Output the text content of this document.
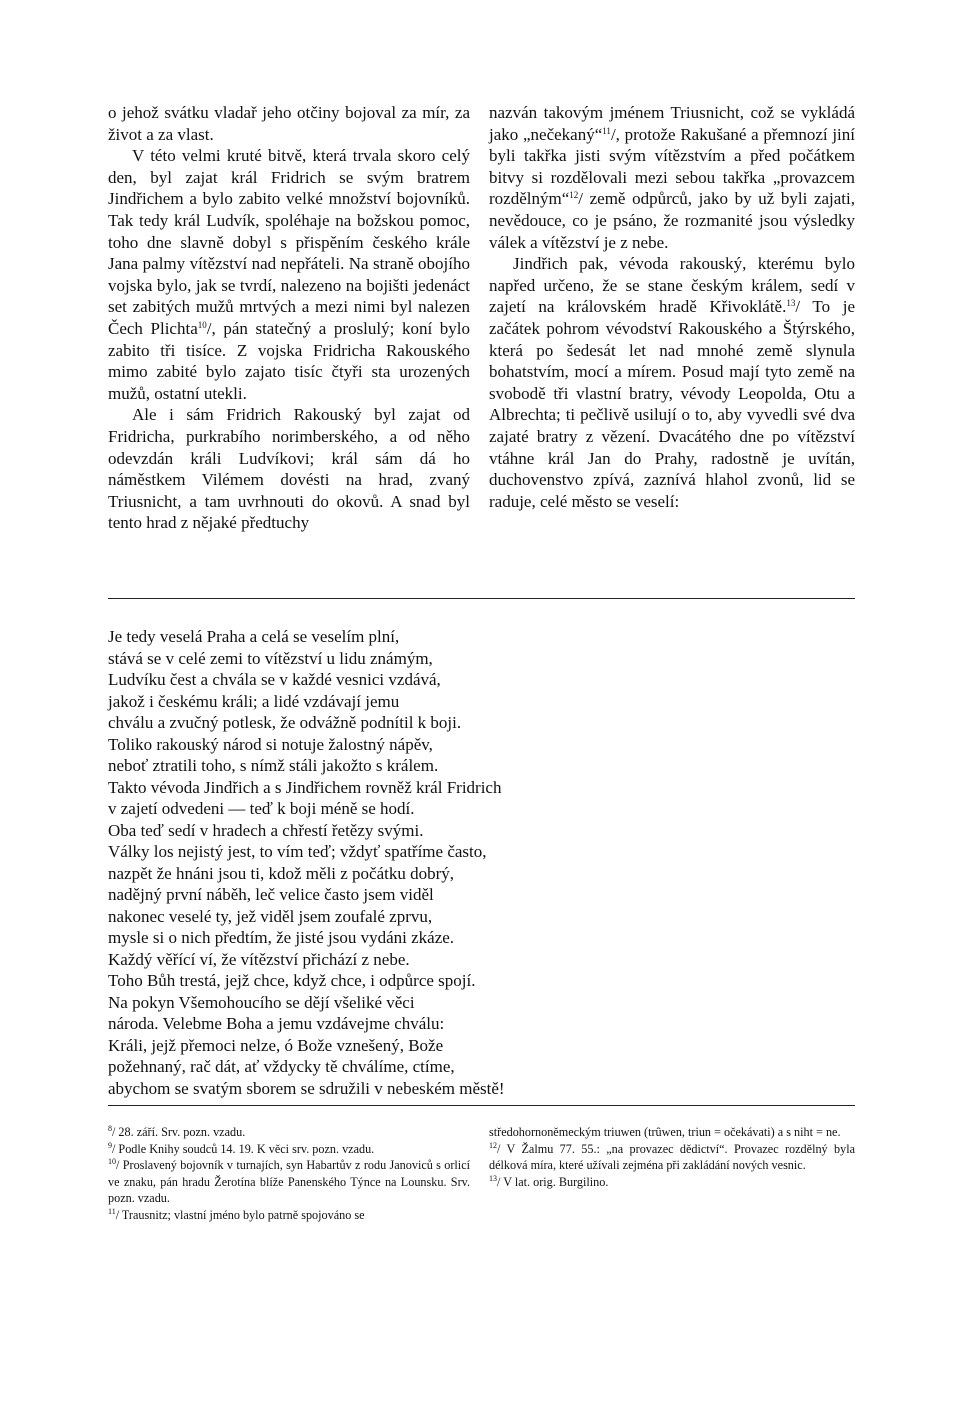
o jehož svátku vladař jeho otčiny bojoval za mír, za život a za vlast.

V této velmi kruté bitvě, která trvala skoro celý den, byl zajat král Fridrich se svým bratrem Jindřichem a bylo zabito velké množství bojovníků. Tak tedy král Ludvík, spoléhaje na božskou pomoc, toho dne slavně dobyl s přispěním českého krále Jana palmy vítězství nad nepřáteli. Na straně obojího vojska bylo, jak se tvrdí, nalezeno na bojišti jedenáct set zabitých mužů mrtvých a mezi nimi byl nalezen Čech Plichta$^{10}$/, pán statečný a proslulý; koní bylo zabito tři tisíce. Z vojska Fridricha Rakouského mimo zabité bylo zajato tisíc čtyři sta urozených mužů, ostatní utekli.

Ale i sám Fridrich Rakouský byl zajat od Fridricha, purkrabího norimberského, a od něho odevzdán králi Ludvíkovi; král sám dá ho náměstkem Vilémem dovésti na hrad, zvaný Triusnicht, a tam uvrhnouti do okovů. A snad byl tento hrad z nějaké předtuchy

nazván takovým jménem Triusnicht, což se vykládá jako „nečekaný“$^{11}$/, protože Rakušané a přemnozí jiní byli takřka jisti svým vítězstvím a před počátkem bitvy si rozdělovali mezi sebou takřka „provazcem rozdělným“$^{12}$/ země odpůrců, jako by už byli zajati, nevědouce, co je psáno, že rozmanité jsou výsledky válek a vítězství je z nebe.

Jindřich pak, vévoda rakouský, kterému bylo napřed určeno, že se stane českým králem, sedí v zajetí na královském hradě Křivoklátě.$^{13}$/ To je začátek pohrom vévodství Rakouského a Štýrského, která po šedesát let nad mnohé země slynula bohatstvím, mocí a mírem. Posud mají tyto země na svobodě tři vlastní bratry, vévody Leopolda, Otu a Albrechta; ti pečlivě usilují o to, aby vyvedli své dva zajaté bratry z vězení. Dvacátého dne po vítězství vtáhne král Jan do Prahy, radostně je uvítán, duchovenstvo zpívá, zaznívá hlahol zvonů, lid se raduje, celé město se veselí:

Je tedy veselá Praha a celá se veselím plní,
stává se v celé zemi to vítězství u lidu známým,
Ludvíku čest a chvála se v každé vesnici vzdává,
jakož i českému králi; a lidé vzdávají jemu
chválu a zvučný potlesk, že odvážně podnítil k boji.
Toliko rakouský národ si notuje žalostný nápěv,
neboť ztratili toho, s nímž stáli jakožto s králem.
Takto vévoda Jindřich a s Jindřichem rovněž král Fridrich
v zajetí odvedeni — teď k boji méně se hodí.
Oba teď sedí v hradech a chřestí řetězy svými.
Války los nejistý jest, to vím teď; vždyť spatříme často,
nazpět že hnáni jsou ti, kdož měli z počátku dobrý,
nadějný první náběh, leč velice často jsem viděl
nakonec veselé ty, jež viděl jsem zoufalé zprvu,
mysle si o nich předtím, že jisté jsou vydáni zkáze.
Každý věřící ví, že vítězství přichází z nebe.
Toho Bůh trestá, jejž chce, když chce, i odpůrce spojí.
Na pokyn Všemohoucího se dějí všeliké věci
národa. Velebme Boha a jemu vzdávejme chválu:
Králi, jejž přemoci nelze, ó Bože vznešený, Bože
požehnaný, rač dát, ať vždycky tě chválíme, ctíme,
abychom se svatým sborem se sdružili v nebeském městě!

$^8$/ 28. září. Srv. pozn. vzadu.

$^9$/ Podle Knihy soudců 14. 19. K věci srv. pozn. vzadu.

$^{10}$/ Proslavený bojovník v turnajích, syn Habartův z rodu Janoviců s orlicí ve znaku, pán hradu Žerotína blíže Panenského Týnce na Lounsku. Srv. pozn. vzadu.

$^{11}$/ Trausnitz; vlastní jméno bylo patrně spojováno se

středohornoněmeckým triuwen (trûwen, triun = očekávati) a s niht = ne.

$^{12}$/ V Žalmu 77. 55.: „na provazec dědictví“. Provazec rozdělný byla délková míra, které užívali zejména při zakládání nových vesnic.

$^{13}$/ V lat. orig. Burgilino.
